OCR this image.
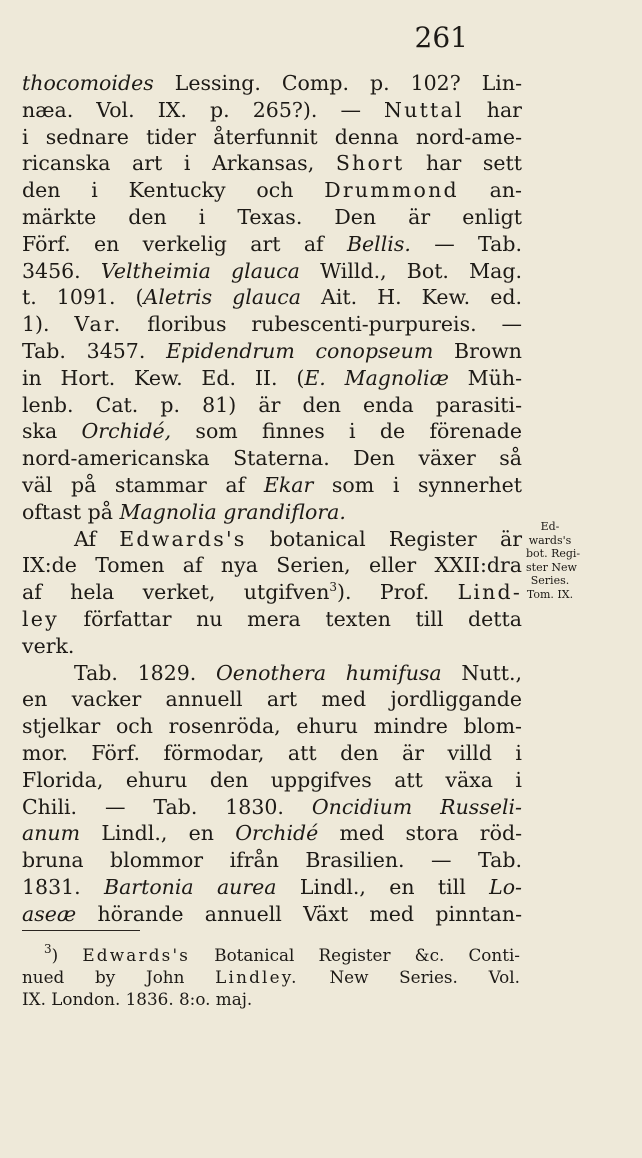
261
thocomoides Lessing. Comp. p. 102? Lin-
næa. Vol. IX. p. 265?). — Nuttal har
i sednare tider återfunnit denna nord-ame-
ricanska art i Arkansas, Short har sett
den i Kentucky och Drummond an-
märkte den i Texas. Den är enligt
Förf. en verkelig art af Bellis. — Tab.
3456. Veltheimia glauca Willd., Bot. Mag.
t. 1091. (Aletris glauca Ait. H. Kew. ed.
1). Var. floribus rubescenti-purpureis. —
Tab. 3457. Epidendrum conopseum Brown
in Hort. Kew. Ed. II. (E. Magnoliæ Müh-
lenb. Cat. p. 81) är den enda parasiti-
ska Orchidé, som finnes i de förenade
nord-americanska Staterna. Den växer så
väl på stammar af Ekar som i synnerhet
oftast på Magnolia grandiflora.
Af Edwards's botanical Register är
IX:de Tomen af nya Serien, eller XXII:dra
af hela verket, utgifven$^3$). Prof. Lind-
ley författar nu mera texten till detta
verk.
Tab. 1829. Oenothera humifusa Nutt.,
en vacker annuell art med jordliggande
stjelkar och rosenröda, ehuru mindre blom-
mor. Förf. förmodar, att den är villd i
Florida, ehuru den uppgifves att växa i
Chili. — Tab. 1830. Oncidium Russeli-
anum Lindl., en Orchidé med stora röd-
bruna blommor ifrån Brasilien. — Tab.
1831. Bartonia aurea Lindl., en till Lo-
aseæ hörande annuell Växt med pinntan-
Ed-
wards's
bot. Regi-
ster New
Series.
Tom. IX.
$^3$) Edwards's Botanical Register &c. Conti-
nued by John Lindley. New Series. Vol.
IX. London. 1836. 8:o. maj.
